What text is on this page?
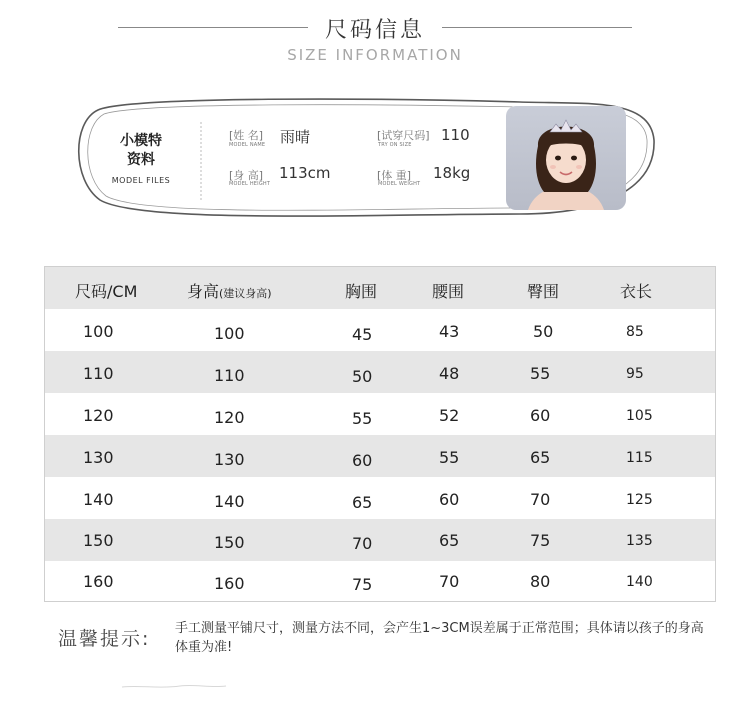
尺码信息
SIZE INFORMATION
小模特
资料
MODEL FILES
[姓 名]
MODEL NAME 雨晴	[试穿尺码]
TRY ON SIZE
110
[身 高]
MODEL HEIGHT
113cm	[体 重]
MODEL WEIGHT
18kg
尺码/CM	身高(建议身高)	胸围	腰围	臀围	衣长
100	100	45	43	50	85
110	110	50	48	55	95
120	120	55	52	60	105
130	130	60	55	65	115
140	140	65	60	70	125
150	150	70	65	75	135
160	160	75	70	80	140
温馨提示: 手工测量平铺尺寸，测量方法不同，会产生1~3CM误差属于正常范围；具体请以孩子的身高体重为准!
